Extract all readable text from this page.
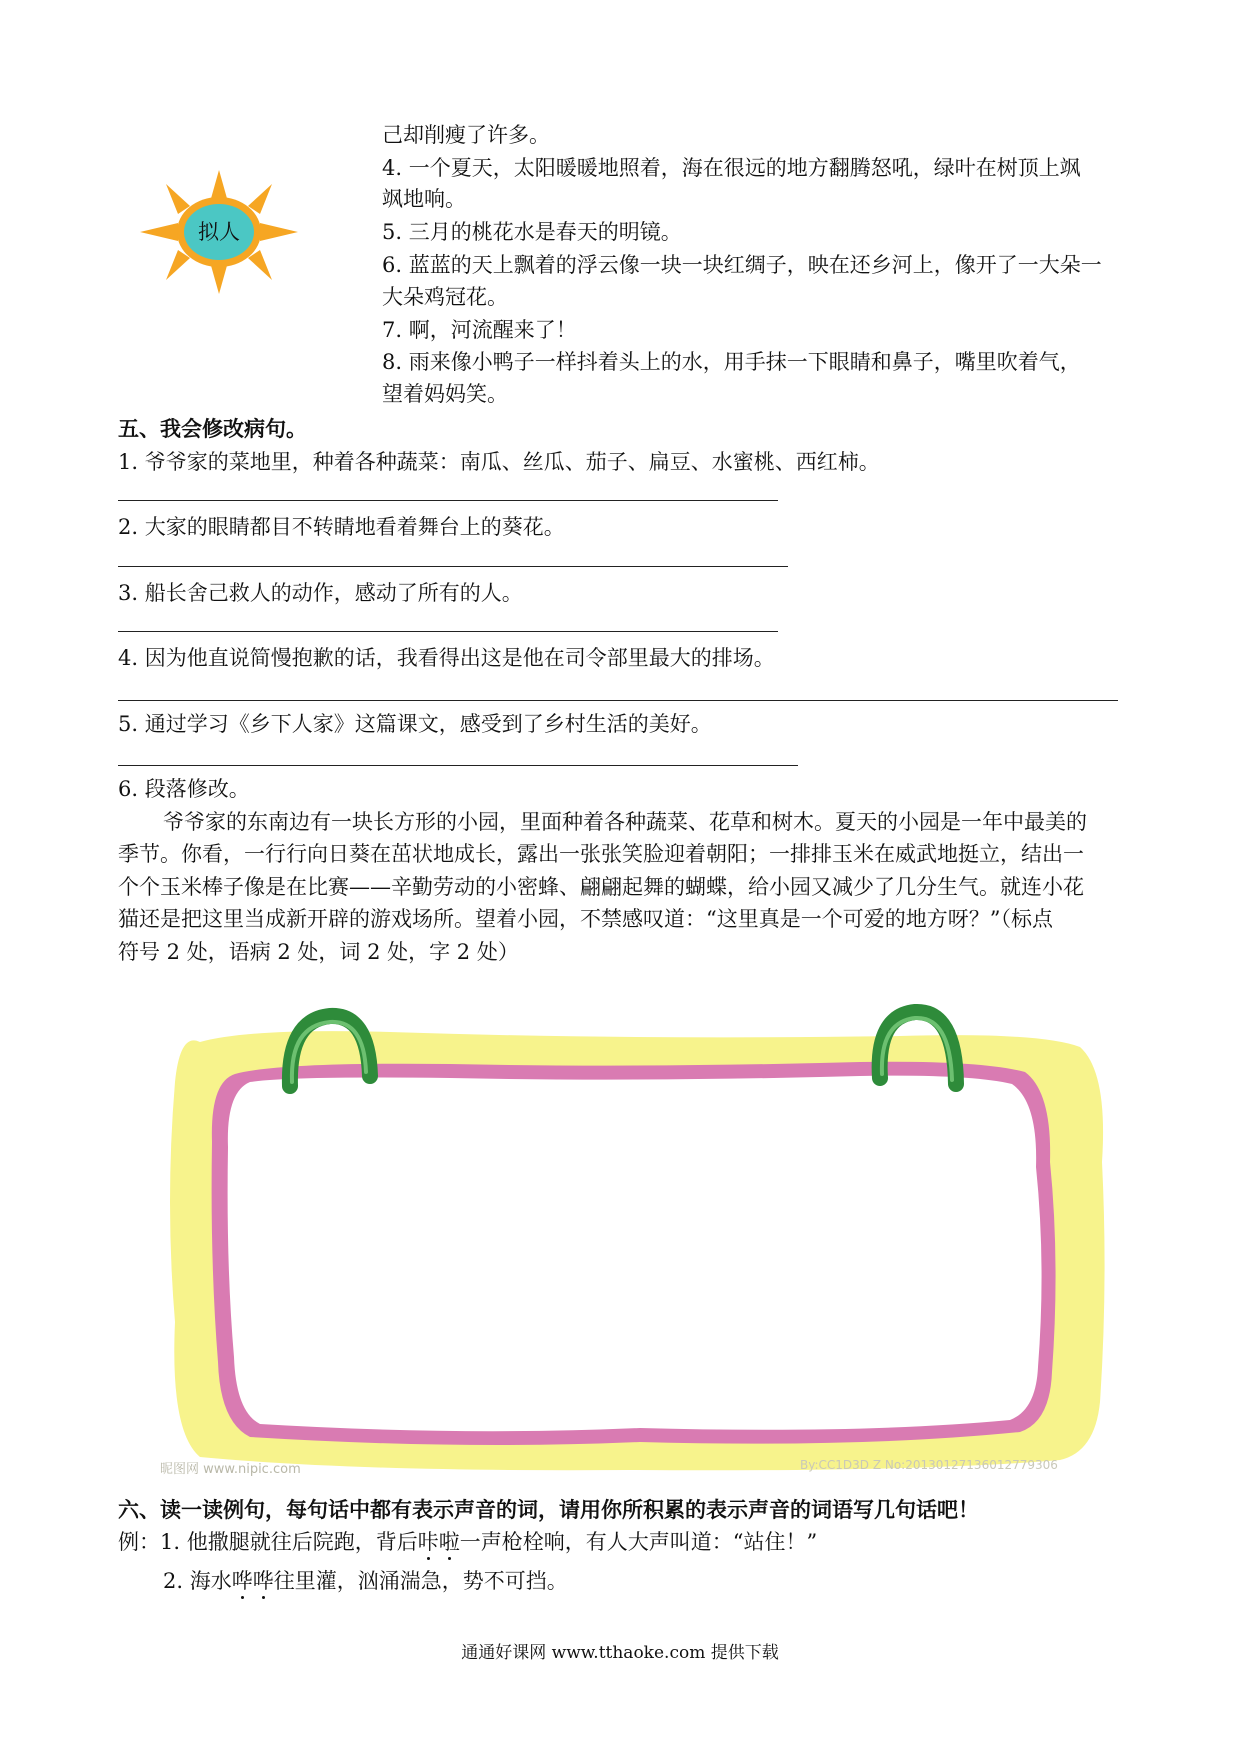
拟人
己却削瘦了许多。
4. 一个夏天，太阳暖暖地照着，海在很远的地方翻腾怒吼，绿叶在树顶上飒
飒地响。
5. 三月的桃花水是春天的明镜。
6. 蓝蓝的天上飘着的浮云像一块一块红绸子，映在还乡河上，像开了一大朵一
大朵鸡冠花。
7. 啊，河流醒来了！
8. 雨来像小鸭子一样抖着头上的水，用手抹一下眼睛和鼻子，嘴里吹着气，
望着妈妈笑。
五、我会修改病句。
1. 爷爷家的菜地里，种着各种蔬菜：南瓜、丝瓜、茄子、扁豆、水蜜桃、西红柿。
2. 大家的眼睛都目不转睛地看着舞台上的葵花。
3. 船长舍己救人的动作，感动了所有的人。
4. 因为他直说简慢抱歉的话，我看得出这是他在司令部里最大的排场。
5. 通过学习《乡下人家》这篇课文，感受到了乡村生活的美好。
6. 段落修改。
爷爷家的东南边有一块长方形的小园，里面种着各种蔬菜、花草和树木。夏天的小园是一年中最美的
季节。你看，一行行向日葵在茁状地成长，露出一张张笑脸迎着朝阳；一排排玉米在威武地挺立，结出一
个个玉米棒子像是在比赛——辛勤劳动的小密蜂、翩翩起舞的蝴蝶，给小园又减少了几分生气。就连小花
猫还是把这里当成新开辟的游戏场所。望着小园，不禁感叹道：“这里真是一个可爱的地方呀？”（标点
符号 2 处，语病 2 处，词 2 处，字 2 处）
昵图网 www.nipic.com	By:CC1D3D Z No:20130127136012779306
六、读一读例句，每句话中都有表示声音的词，请用你所积累的表示声音的词语写几句话吧！
例：1. 他撒腿就往后院跑，背后咔啦一声枪栓响，有人大声叫道：“站住！”
2. 海水哗哗往里灌，汹涌湍急，势不可挡。
通通好课网 www.tthaoke.com 提供下载
